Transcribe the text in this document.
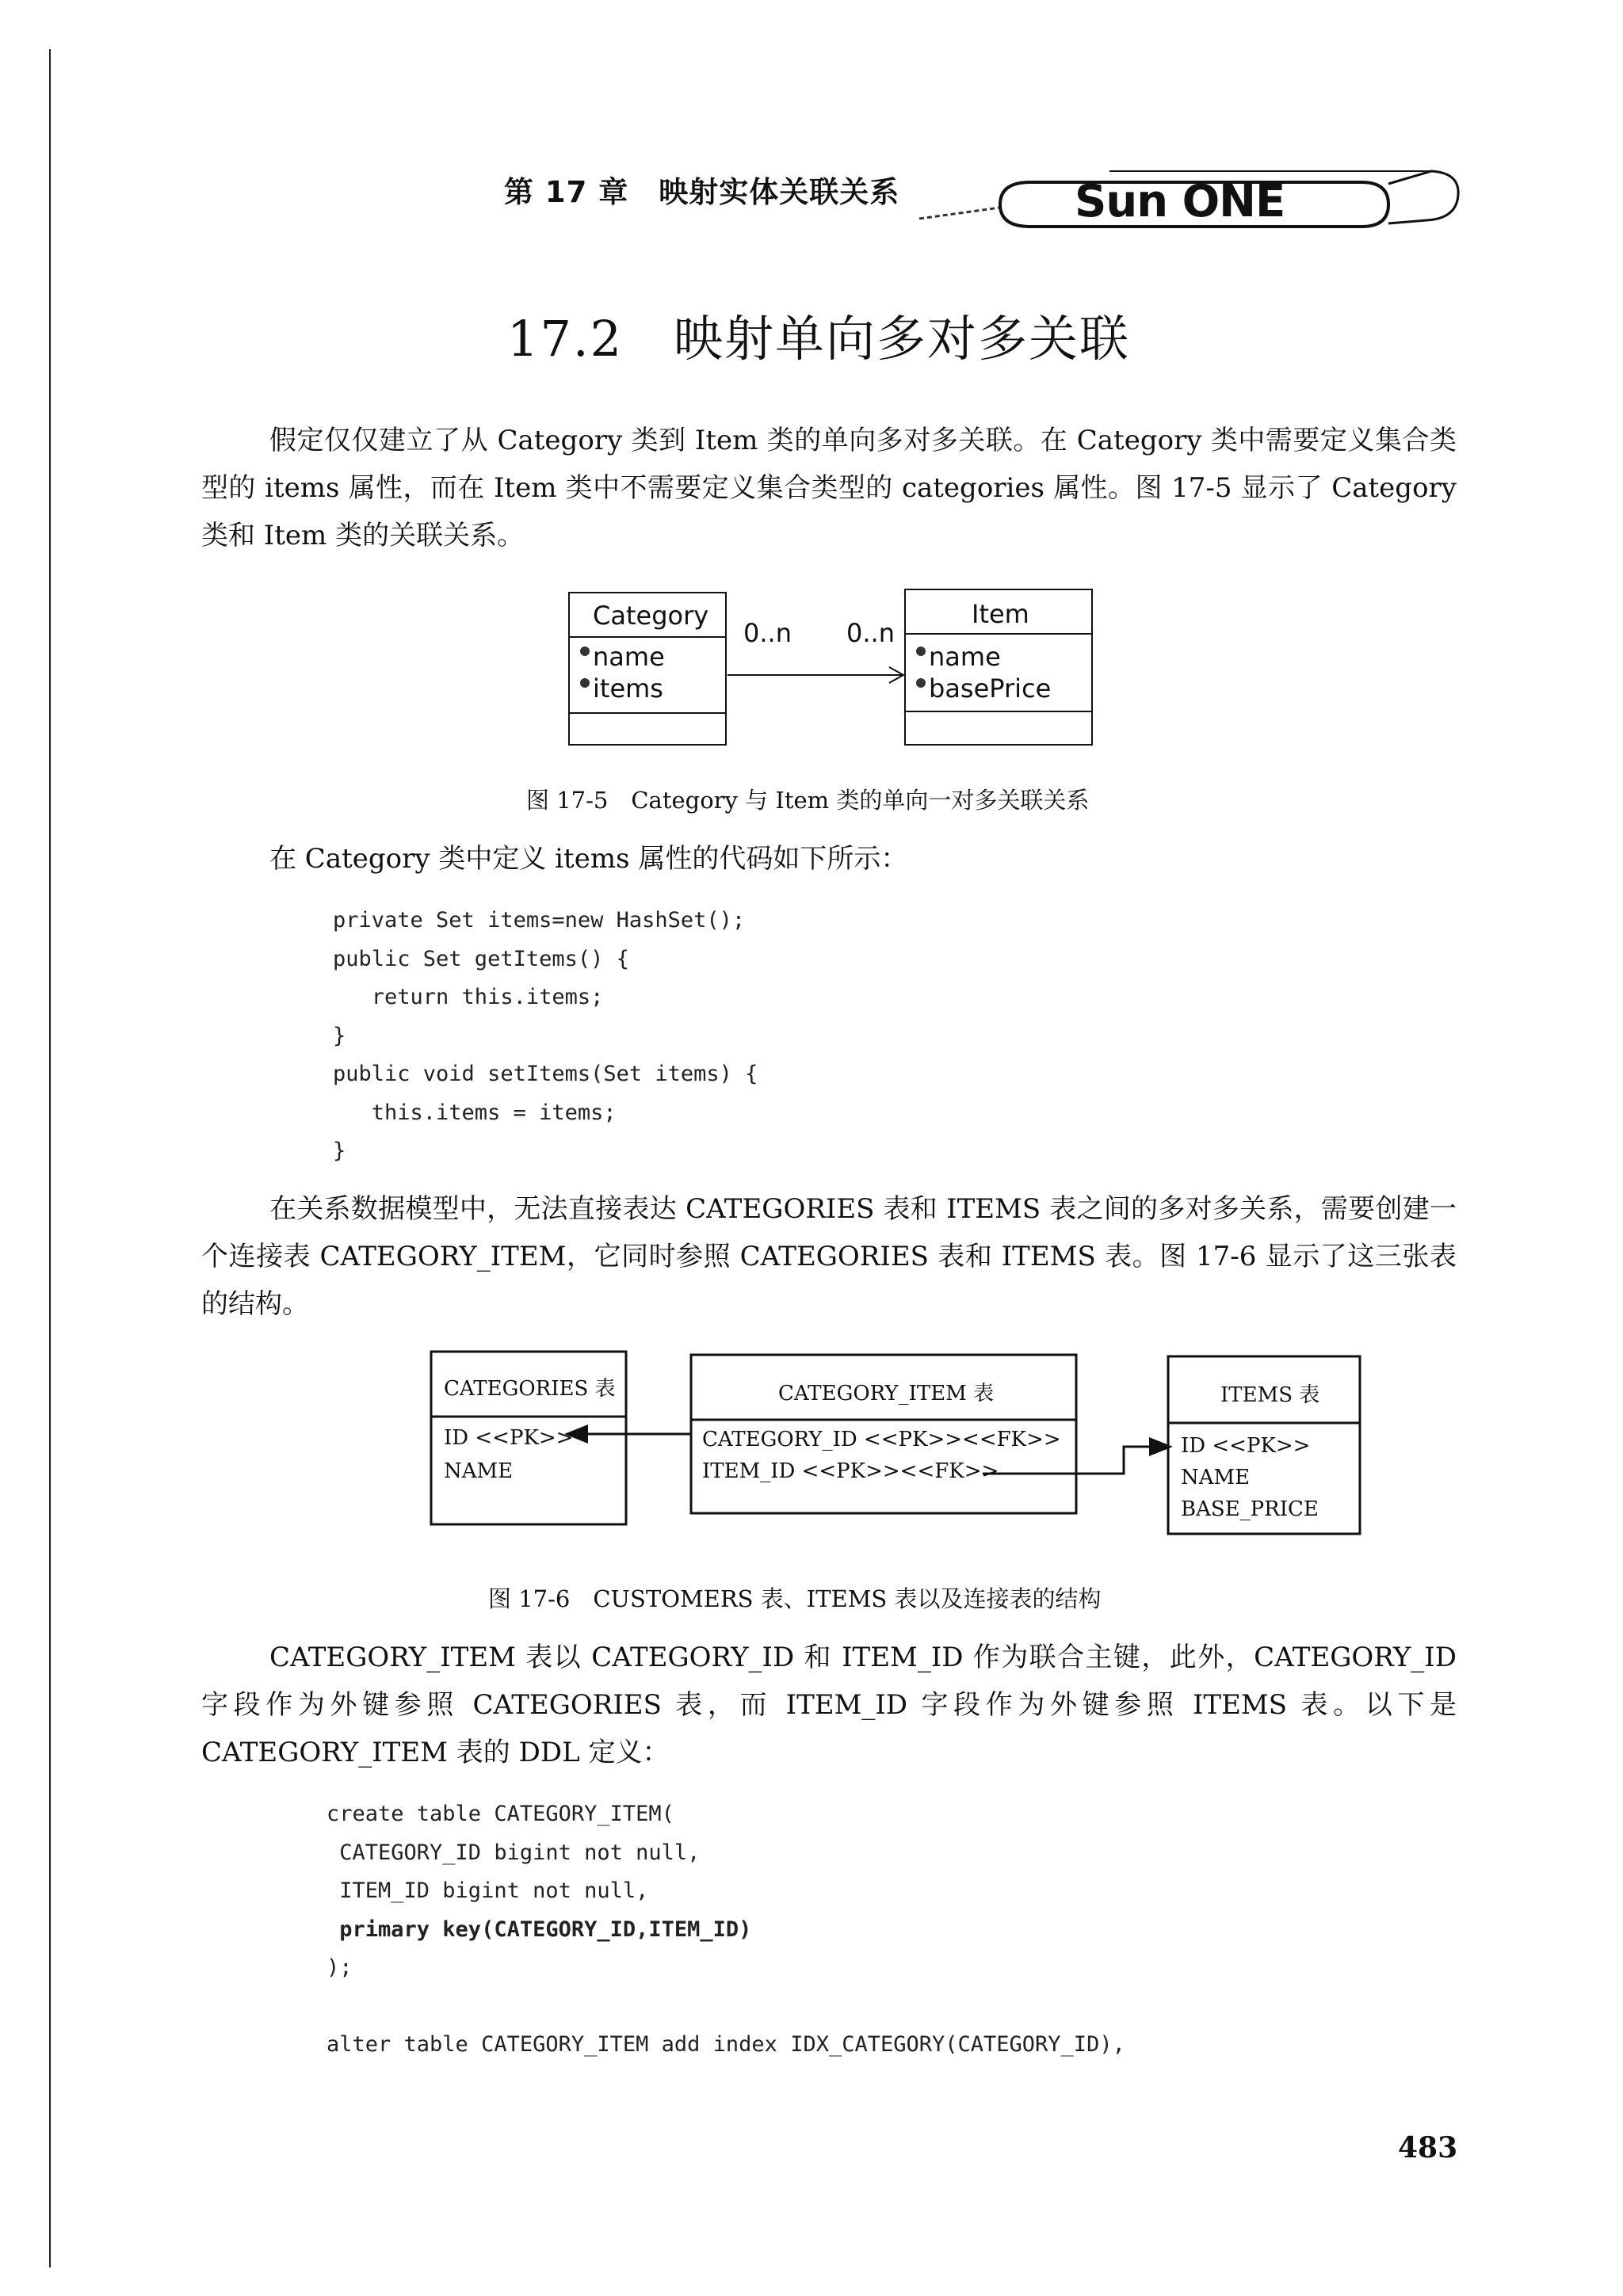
第 17 章　映射实体关联关系	Sun ONE
17.2　映射单向多对多关联
假定仅仅建立了从 Category 类到 Item 类的单向多对多关联。在 Category 类中需要定义集合类型的 items 属性，而在 Item 类中不需要定义集合类型的 categories 属性。图 17-5 显示了 Category 类和 Item 类的关联关系。
Category
name
items
Item
name
basePrice
0..n 0..n
图 17-5　Category 与 Item 类的单向一对多关联关系
在 Category 类中定义 items 属性的代码如下所示：
private Set items=new HashSet();
public Set getItems() {
return this.items;
}
public void setItems(Set items) {
this.items = items;
}
在关系数据模型中，无法直接表达 CATEGORIES 表和 ITEMS 表之间的多对多关系，需要创建一个连接表 CATEGORY_ITEM，它同时参照 CATEGORIES 表和 ITEMS 表。图 17-6 显示了这三张表的结构。
CATEGORIES 表
ID <<PK>>
NAME
CATEGORY_ITEM 表
CATEGORY_ID <<PK>><<FK>>
ITEM_ID <<PK>><<FK>>
ITEMS 表
ID <<PK>>
NAME
BASE_PRICE
图 17-6　CUSTOMERS 表、ITEMS 表以及连接表的结构
CATEGORY_ITEM 表以 CATEGORY_ID 和 ITEM_ID 作为联合主键，此外，CATEGORY_ID 字段作为外键参照 CATEGORIES 表，而 ITEM_ID 字段作为外键参照 ITEMS 表。以下是 CATEGORY_ITEM 表的 DDL 定义：
create table CATEGORY_ITEM(
CATEGORY_ID bigint not null,
ITEM_ID bigint not null,
primary key(CATEGORY_ID,ITEM_ID)
);
alter table CATEGORY_ITEM add index IDX_CATEGORY(CATEGORY_ID),
483
